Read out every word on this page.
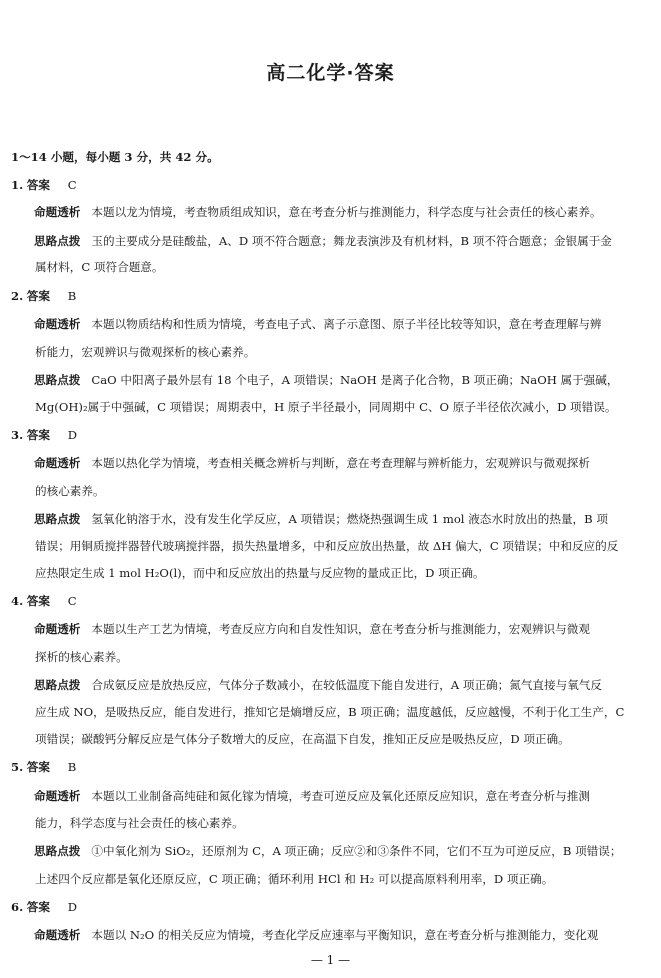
高二化学·答案
1～14 小题，每小题 3 分，共 42 分。
1. 答案 C
命题透析 本题以龙为情境，考查物质组成知识，意在考查分析与推测能力，科学态度与社会责任的核心素养。
思路点拨 玉的主要成分是硅酸盐，A、D 项不符合题意；舞龙表演涉及有机材料，B 项不符合题意；金银属于金
属材料，C 项符合题意。
2. 答案 B
命题透析 本题以物质结构和性质为情境，考查电子式、离子示意图、原子半径比较等知识，意在考查理解与辨
析能力，宏观辨识与微观探析的核心素养。
思路点拨 CaO 中阳离子最外层有 18 个电子，A 项错误；NaOH 是离子化合物，B 项正确；NaOH 属于强碱，
Mg(OH)₂属于中强碱，C 项错误；周期表中，H 原子半径最小，同周期中 C、O 原子半径依次减小，D 项错误。
3. 答案 D
命题透析 本题以热化学为情境，考查相关概念辨析与判断，意在考查理解与辨析能力，宏观辨识与微观探析
的核心素养。
思路点拨 氢氧化钠溶于水，没有发生化学反应，A 项错误；燃烧热强调生成 1 mol 液态水时放出的热量，B 项
错误；用铜质搅拌器替代玻璃搅拌器，损失热量增多，中和反应放出热量，故 ΔH 偏大，C 项错误；中和反应的反
应热限定生成 1 mol H₂O(l)，而中和反应放出的热量与反应物的量成正比，D 项正确。
4. 答案 C
命题透析 本题以生产工艺为情境，考查反应方向和自发性知识，意在考查分析与推测能力，宏观辨识与微观
探析的核心素养。
思路点拨 合成氨反应是放热反应，气体分子数减小，在较低温度下能自发进行，A 项正确；氮气直接与氧气反
应生成 NO，是吸热反应，能自发进行，推知它是熵增反应，B 项正确；温度越低，反应越慢，不利于化工生产，C
项错误；碳酸钙分解反应是气体分子数增大的反应，在高温下自发，推知正反应是吸热反应，D 项正确。
5. 答案 B
命题透析 本题以工业制备高纯硅和氮化镓为情境，考查可逆反应及氧化还原反应知识，意在考查分析与推测
能力，科学态度与社会责任的核心素养。
思路点拨 ①中氧化剂为 SiO₂，还原剂为 C，A 项正确；反应②和③条件不同，它们不互为可逆反应，B 项错误；
上述四个反应都是氧化还原反应，C 项正确；循环利用 HCl 和 H₂ 可以提高原料利用率，D 项正确。
6. 答案 D
命题透析 本题以 N₂O 的相关反应为情境，考查化学反应速率与平衡知识，意在考查分析与推测能力，变化观
— 1 —
